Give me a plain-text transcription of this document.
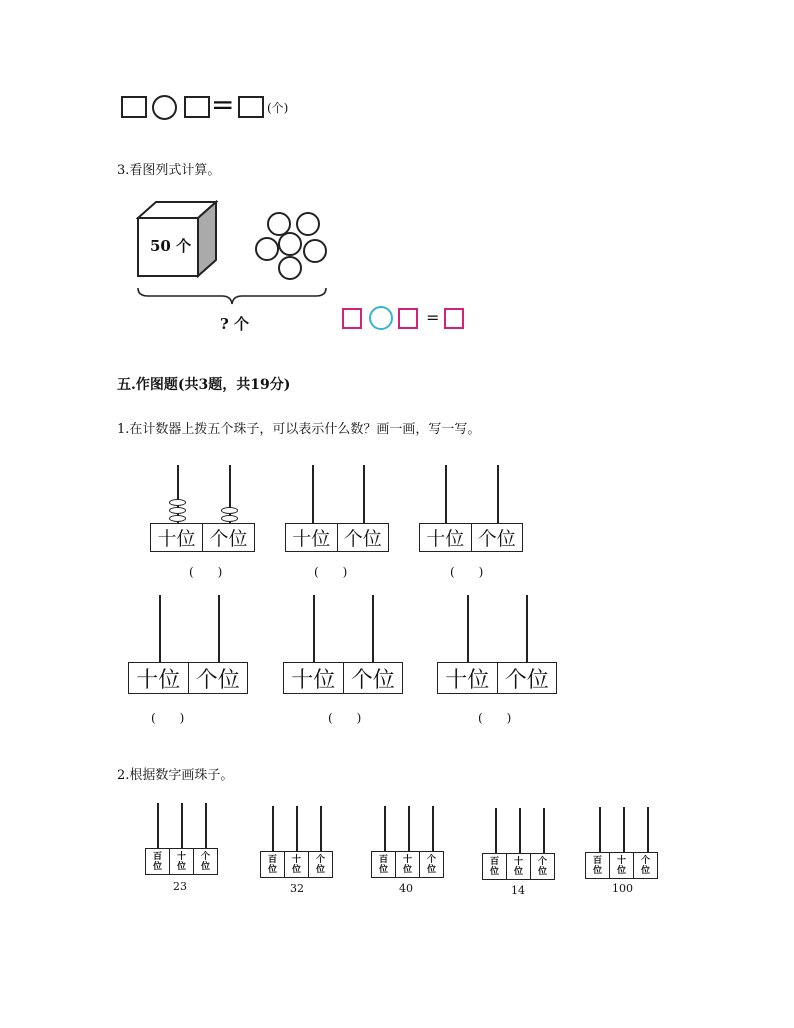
=	(个)
3.看图列式计算。
50 个
? 个	=
五.作图题(共3题，共19分)
1.在计数器上拨五个珠子，可以表示什么数？画一画，写一写。
十位 个位
(　　)
十位 个位
(　　)
十位 个位
(　　)
十位 个位
(　　)
十位 个位
(　　)
十位 个位
(　　)
2.根据数字画珠子。
百
位
十
位
个
位
23
百
位
十
位
个
位
32
百
位
十
位
个
位
40
百
位
十
位
个
位
14
百
位
十
位
个
位
100
